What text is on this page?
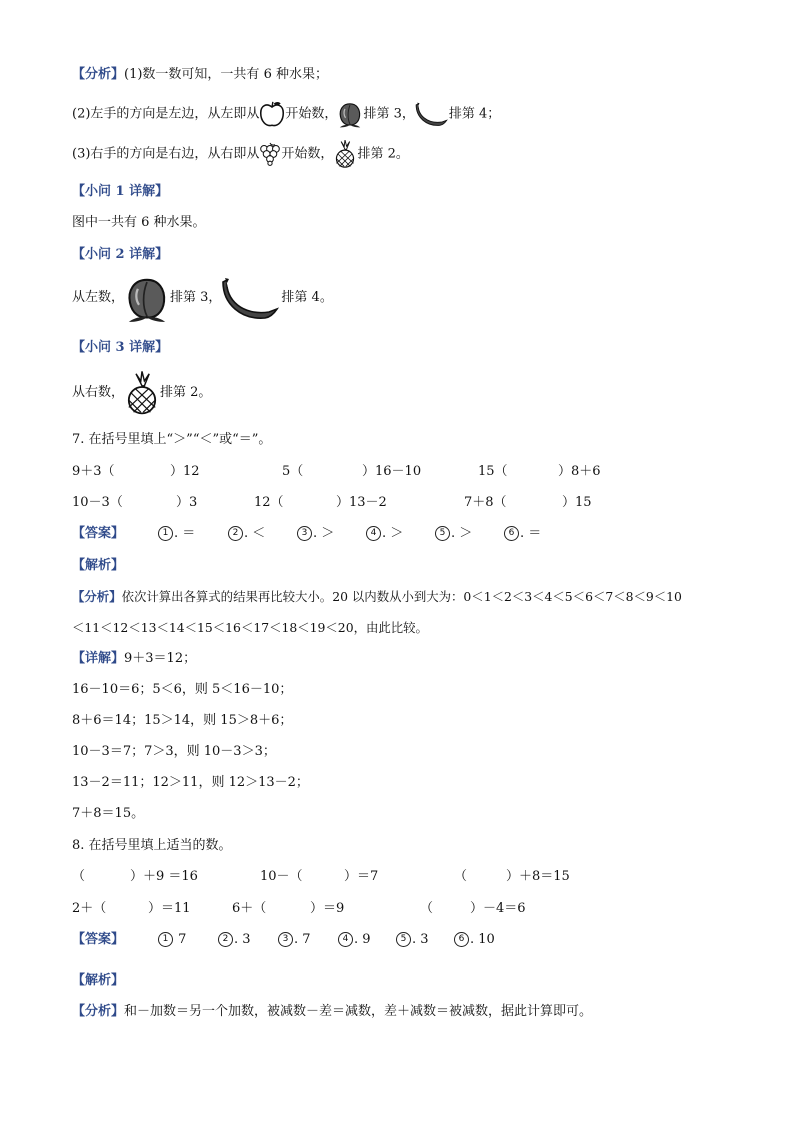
【分析】(1)数一数可知，一共有 6 种水果；
(2)左手的方向是左边，从左即从 开始数， 排第 3，	排第 4；
(3)右手的方向是右边，从右即从 开始数， 排第 2。
【小问 1 详解】
图中一共有 6 种水果。
【小问 2 详解】
从左数，	排第 3，	排第 4。
【小问 3 详解】
从右数，	排第 2。
7. 在括号里填上“＞”“＜”或“＝”。
9＋3（	）12	5（	）16－10	15（	）8＋6
10－3（	）3	12（	）13－2	7＋8（	）15
【答案】	1 . ＝	2 . ＜	3 . ＞	4 . ＞	5 . ＞	6 . ＝
【解析】
【分析】依次计算出各算式的结果再比较大小。20 以内数从小到大为：0＜1＜2＜3＜4＜5＜6＜7＜8＜9＜10
＜11＜12＜13＜14＜15＜16＜17＜18＜19＜20，由此比较。
【详解】9＋3＝12；
16－10＝6；5＜6，则 5＜16－10；
8＋6＝14；15＞14，则 15＞8＋6；
10－3＝7；7＞3，则 10－3＞3；
13－2＝11；12＞11，则 12＞13－2；
7＋8＝15。
8. 在括号里填上适当的数。
（	）＋9 ＝16	10－（	）＝7	（	）＋8＝15
2＋（	）＝11	6＋（	）＝9	（	）－4＝6
【答案】	1 7	2 . 3	3 . 7	4 . 9	5 . 3	6 . 10
【解析】
【分析】和－加数＝另一个加数，被减数－差＝减数，差＋减数＝被减数，据此计算即可。
